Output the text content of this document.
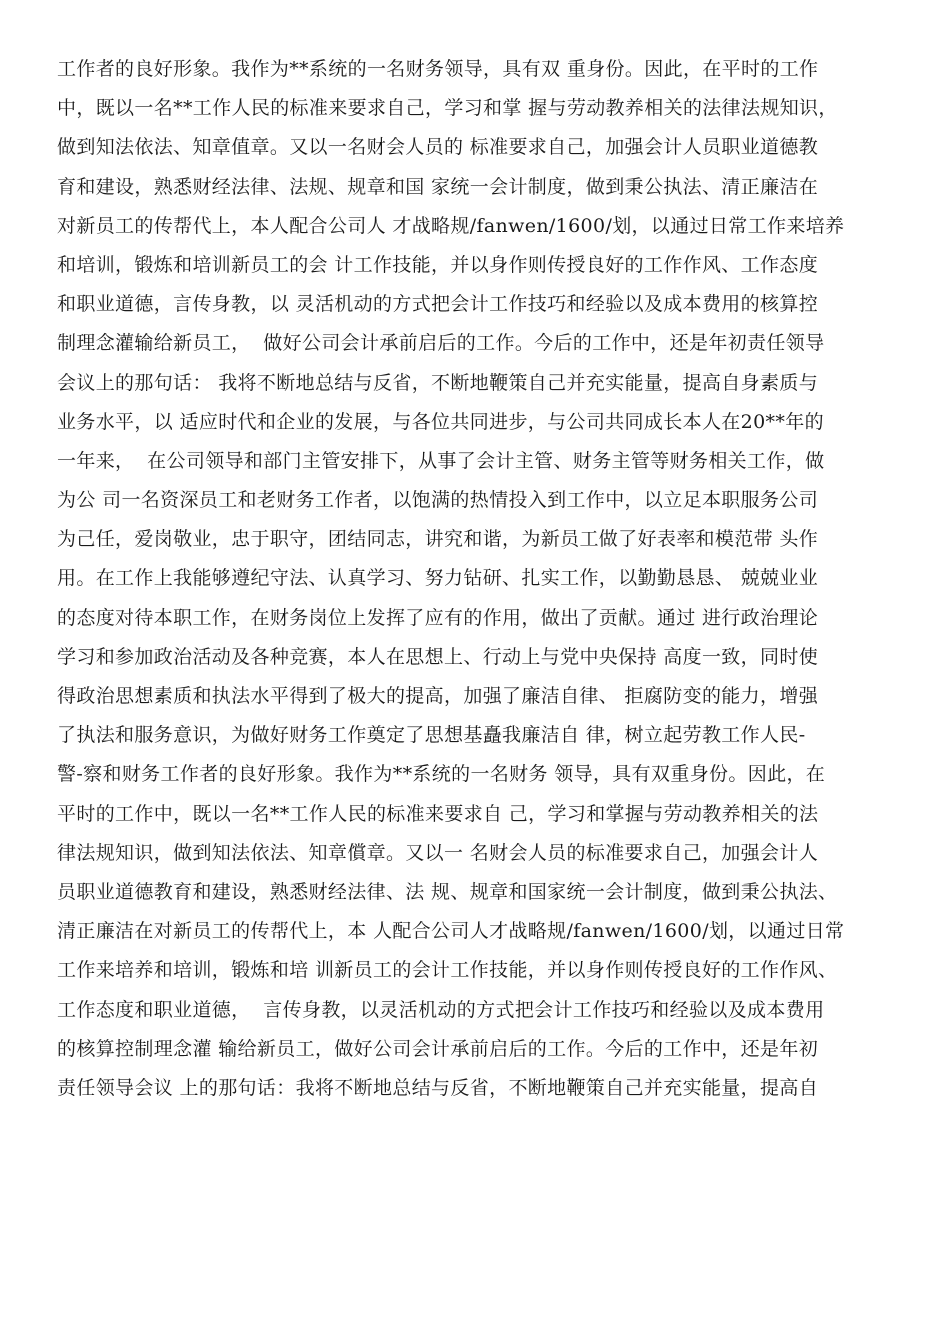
工作者的良好形象。我作为**系统的一名财务领导，具有双 重身份。因此，在平时的工作
中，既以一名**工作人民的标准来要求自己，学习和掌 握与劳动教养相关的法律法规知识，
做到知法依法、知章值章。又以一名财会人员的 标准要求自己，加强会计人员职业道德教
育和建设，熟悉财经法律、法规、规章和国 家统一会计制度，做到秉公执法、清正廉洁在
对新员工的传帮代上，本人配合公司人 才战略规/fanwen/1600/划，以通过日常工作来培养
和培训，锻炼和培训新员工的会 计工作技能，并以身作则传授良好的工作作风、工作态度
和职业道德，言传身教，以 灵活机动的方式把会计工作技巧和经验以及成本费用的核算控
制理念灌输给新员工，  做好公司会计承前启后的工作。今后的工作中，还是年初责任领导
会议上的那句话： 我将不断地总结与反省，不断地鞭策自己并充实能量，提高自身素质与
业务水平，以 适应时代和企业的发展，与各位共同进步，与公司共同成长本人在20**年的
一年来，  在公司领导和部门主管安排下，从事了会计主管、财务主管等财务相关工作，做
为公 司一名资深员工和老财务工作者，以饱满的热情投入到工作中，以立足本职服务公司
为己任，爱岗敬业，忠于职守，团结同志，讲究和谐，为新员工做了好表率和模范带 头作
用。在工作上我能够遵纪守法、认真学习、努力钻研、扎实工作，以勤勤恳恳、 兢兢业业
的态度对待本职工作，在财务岗位上发挥了应有的作用，做出了贡献。通过 进行政治理论
学习和参加政治活动及各种竞赛，本人在思想上、行动上与党中央保持 高度一致，同时使
得政治思想素质和执法水平得到了极大的提高，加强了廉洁自律、 拒腐防变的能力，增强
了执法和服务意识，为做好财务工作奠定了思想基矗我廉洁自 律，树立起劳教工作人民-
警-察和财务工作者的良好形象。我作为**系统的一名财务 领导，具有双重身份。因此，在
平时的工作中，既以一名**工作人民的标准来要求自 己，学习和掌握与劳动教养相关的法
律法规知识，做到知法依法、知章償章。又以一 名财会人员的标准要求自己，加强会计人
员职业道德教育和建设，熟悉财经法律、法 规、规章和国家统一会计制度，做到秉公执法、
清正廉洁在对新员工的传帮代上，本 人配合公司人才战略规/fanwen/1600/划，以通过日常
工作来培养和培训，锻炼和培 训新员工的会计工作技能，并以身作则传授良好的工作作风、
工作态度和职业道德，  言传身教，以灵活机动的方式把会计工作技巧和经验以及成本费用
的核算控制理念灌 输给新员工，做好公司会计承前启后的工作。今后的工作中，还是年初
责任领导会议 上的那句话：我将不断地总结与反省，不断地鞭策自己并充实能量，提高自
